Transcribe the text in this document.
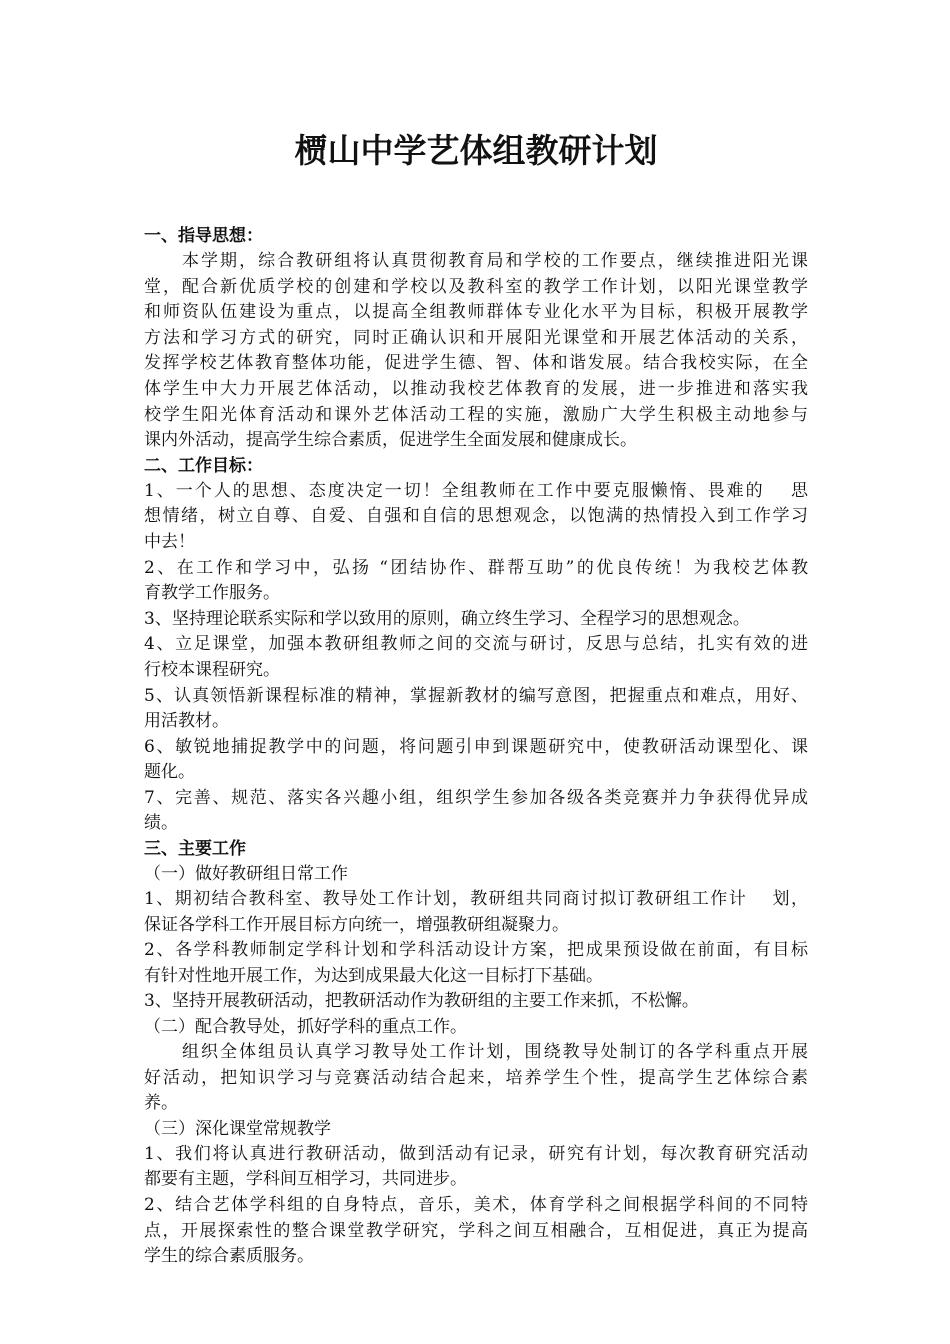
槚山中学艺体组教研计划
一、指导思想：

本学期，综合教研组将认真贯彻教育局和学校的工作要点，继续推进阳光课

堂，配合新优质学校的创建和学校以及教科室的教学工作计划，以阳光课堂教学

和师资队伍建设为重点，以提高全组教师群体专业化水平为目标，积极开展教学

方法和学习方式的研究，同时正确认识和开展阳光课堂和开展艺体活动的关系，

发挥学校艺体教育整体功能，促进学生德、智、体和谐发展。结合我校实际，在全

体学生中大力开展艺体活动，以推动我校艺体教育的发展，进一步推进和落实我

校学生阳光体育活动和课外艺体活动工程的实施，激励广大学生积极主动地参与

课内外活动，提高学生综合素质，促进学生全面发展和健康成长。

二、工作目标：

1、一个人的思想、态度决定一切！全组教师在工作中要克服懒惰、畏难的　 思

想情绪，树立自尊、自爱、自强和自信的思想观念，以饱满的热情投入到工作学习

中去！

2、在工作和学习中，弘扬 “团结协作、群帮互助”的优良传统！为我校艺体教

育教学工作服务。

3、坚持理论联系实际和学以致用的原则，确立终生学习、全程学习的思想观念。

4、立足课堂，加强本教研组教师之间的交流与研讨，反思与总结，扎实有效的进

行校本课程研究。

5、认真领悟新课程标准的精神，掌握新教材的编写意图，把握重点和难点，用好、

用活教材。

6、敏锐地捕捉教学中的问题，将问题引申到课题研究中，使教研活动课型化、课

题化。

7、完善、规范、落实各兴趣小组，组织学生参加各级各类竞赛并力争获得优异成

绩。

三、主要工作
（一）做好教研组日常工作

1、期初结合教科室、教导处工作计划，教研组共同商讨拟订教研组工作计　 划，

保证各学科工作开展目标方向统一，增强教研组凝聚力。

2、各学科教师制定学科计划和学科活动设计方案，把成果预设做在前面，有目标

有针对性地开展工作，为达到成果最大化这一目标打下基础。

3、坚持开展教研活动，把教研活动作为教研组的主要工作来抓，不松懈。

（二）配合教导处，抓好学科的重点工作。

组织全体组员认真学习教导处工作计划，围绕教导处制订的各学科重点开展

好活动，把知识学习与竞赛活动结合起来，培养学生个性，提高学生艺体综合素

养。

（三）深化课堂常规教学

1、我们将认真进行教研活动，做到活动有记录，研究有计划，每次教育研究活动

都要有主题，学科间互相学习，共同进步。

2、结合艺体学科组的自身特点，音乐，美术，体育学科之间根据学科间的不同特

点，开展探索性的整合课堂教学研究，学科之间互相融合，互相促进，真正为提高

学生的综合素质服务。
